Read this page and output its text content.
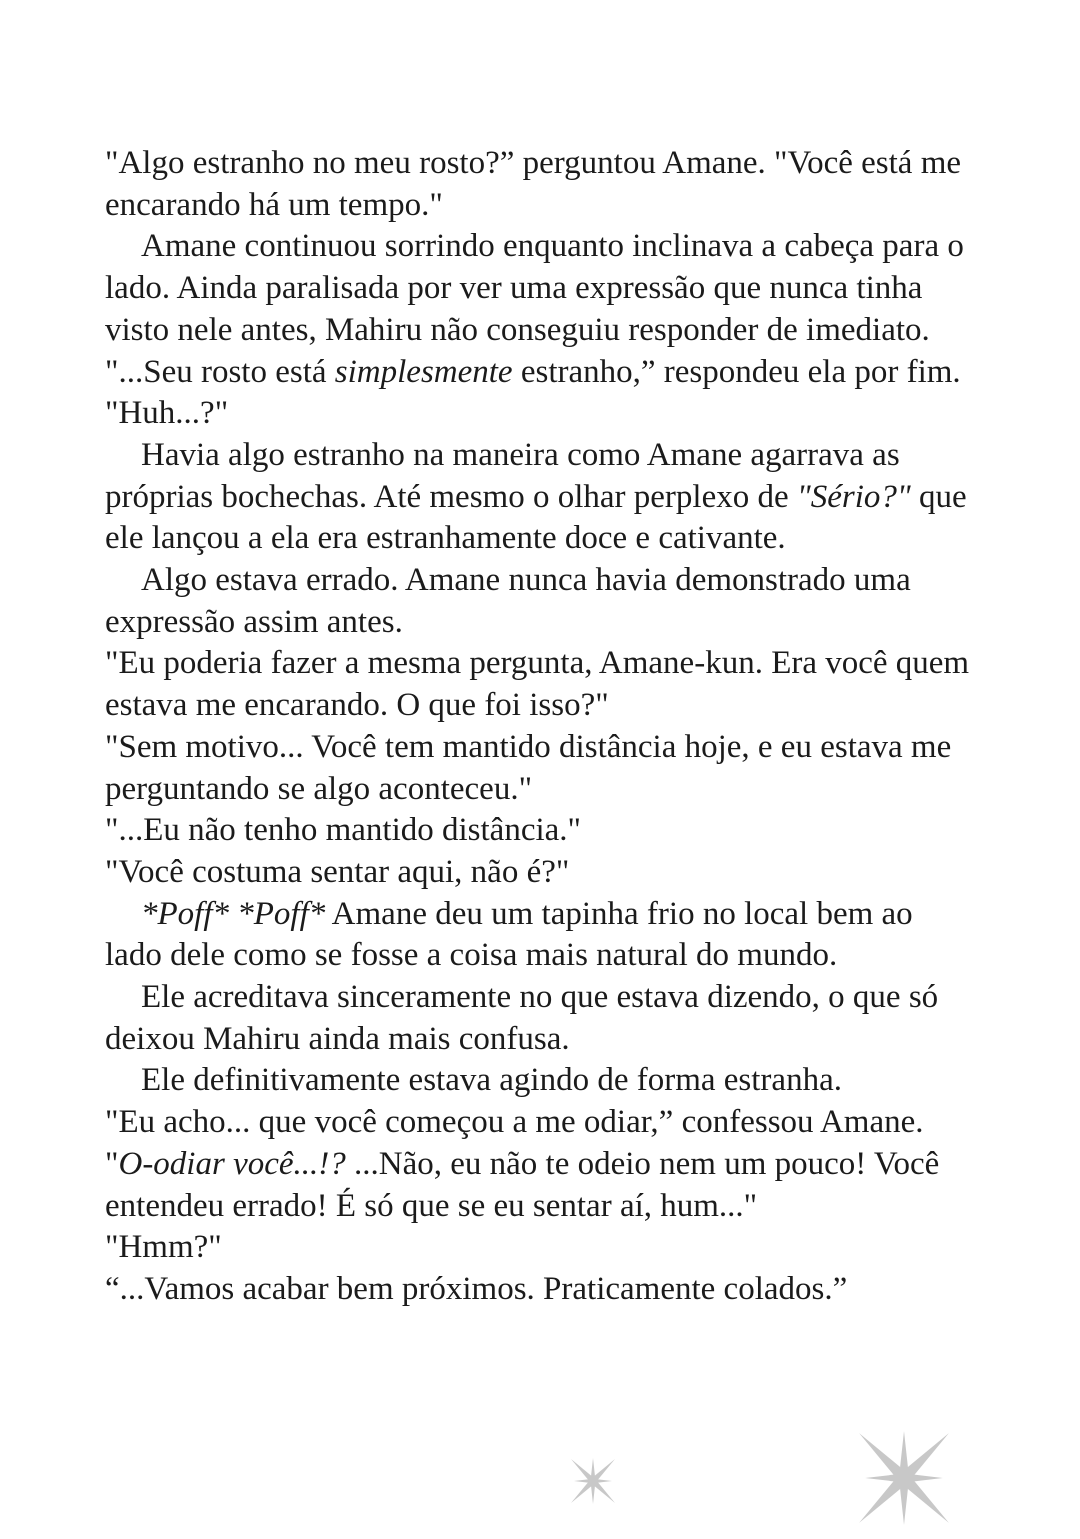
"Algo estranho no meu rosto?” perguntou Amane. "Você está me encarando há um tempo."

Amane continuou sorrindo enquanto inclinava a cabeça para o lado. Ainda paralisada por ver uma expressão que nunca tinha visto nele antes, Mahiru não conseguiu responder de imediato.

"...Seu rosto está simplesmente estranho,” respondeu ela por fim.

"Huh...?"

Havia algo estranho na maneira como Amane agarrava as próprias bochechas. Até mesmo o olhar perplexo de "Sério?" que ele lançou a ela era estranhamente doce e cativante.

Algo estava errado. Amane nunca havia demonstrado uma expressão assim antes.

"Eu poderia fazer a mesma pergunta, Amane-kun. Era você quem estava me encarando. O que foi isso?"

"Sem motivo... Você tem mantido distância hoje, e eu estava me perguntando se algo aconteceu."

"...Eu não tenho mantido distância."

"Você costuma sentar aqui, não é?"

*Poff* *Poff* Amane deu um tapinha frio no local bem ao lado dele como se fosse a coisa mais natural do mundo.

Ele acreditava sinceramente no que estava dizendo, o que só deixou Mahiru ainda mais confusa.

Ele definitivamente estava agindo de forma estranha.

"Eu acho... que você começou a me odiar,” confessou Amane.

"O-odiar você...!? ...Não, eu não te odeio nem um pouco! Você entendeu errado! É só que se eu sentar aí, hum..."

"Hmm?"

“...Vamos acabar bem próximos. Praticamente colados.”
